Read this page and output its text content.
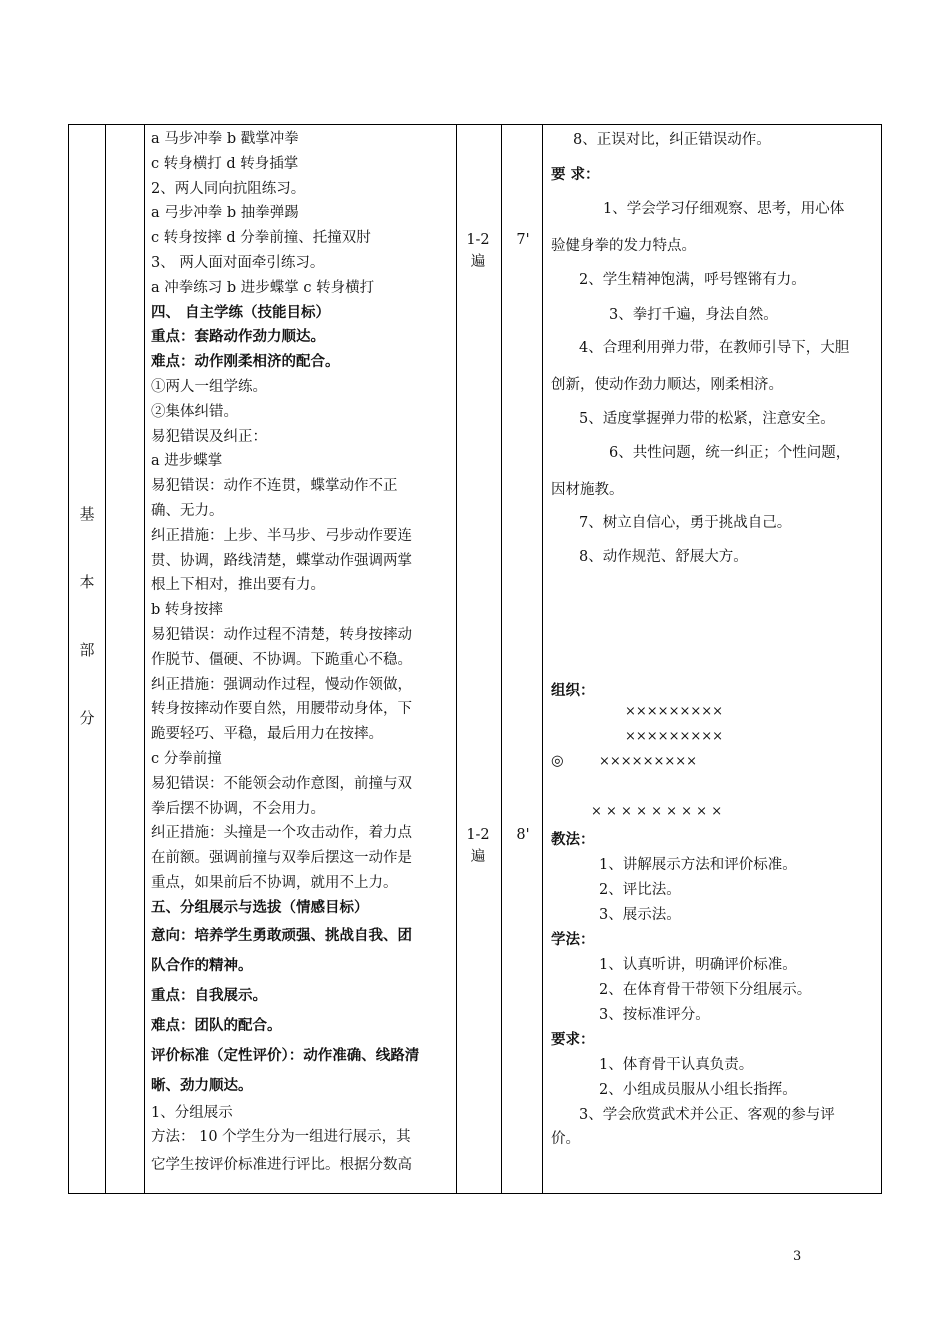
基
本
部
分
a 马步冲拳 b 戳掌冲拳
c 转身横打 d 转身插掌
2、两人同向抗阻练习。
a 弓步冲拳 b 抽拳弹踢
c 转身按摔 d 分拳前撞、托撞双肘
3、 两人面对面牵引练习。
a 冲拳练习 b 进步蝶掌 c 转身横打
四、 自主学练（技能目标）
重点：套路动作劲力顺达。
难点：动作刚柔相济的配合。
①两人一组学练。
②集体纠错。
易犯错误及纠正：
a 进步蝶掌
易犯错误：动作不连贯，蝶掌动作不正
确、无力。
纠正措施：上步、半马步、弓步动作要连
贯、协调，路线清楚，蝶掌动作强调两掌
根上下相对，推出要有力。
b 转身按摔
易犯错误：动作过程不清楚，转身按摔动
作脱节、僵硬、不协调。下跪重心不稳。
纠正措施：强调动作过程，慢动作领做，
转身按摔动作要自然，用腰带动身体，下
跪要轻巧、平稳，最后用力在按摔。
c 分拳前撞
易犯错误：不能领会动作意图，前撞与双
拳后摆不协调，不会用力。
纠正措施：头撞是一个攻击动作，着力点
在前额。强调前撞与双拳后摆这一动作是
重点，如果前后不协调，就用不上力。
五、分组展示与选拔（情感目标）
意向：培养学生勇敢顽强、挑战自我、团
队合作的精神。
重点：自我展示。
难点：团队的配合。
评价标准（定性评价）：动作准确、线路清
晰、劲力顺达。
1、分组展示
方法： 10 个学生分为一组进行展示，其
它学生按评价标准进行评比。根据分数高
1-2
遍
7'
1-2
遍
8'
8、正误对比，纠正错误动作。
要 求：
1、学会学习仔细观察、思考，用心体
验健身拳的发力特点。
2、学生精神饱满，呼号铿锵有力。
3、拳打千遍，身法自然。
4、合理利用弹力带，在教师引导下，大胆
创新，使动作劲力顺达，刚柔相济。
5、适度掌握弹力带的松紧，注意安全。
6、共性问题，统一纠正；个性问题，
因材施教。
7、树立自信心，勇于挑战自己。
8、动作规范、舒展大方。
组织：
×××××××××
×××××××××
◎	×××××××××
× × × × × × × × ×
教法：
1、讲解展示方法和评价标准。
2、评比法。
3、展示法。
学法：
1、认真听讲，明确评价标准。
2、在体育骨干带领下分组展示。
3、按标准评分。
要求：
1、体育骨干认真负责。
2、小组成员服从小组长指挥。
3、学会欣赏武术并公正、客观的参与评
价。
3
